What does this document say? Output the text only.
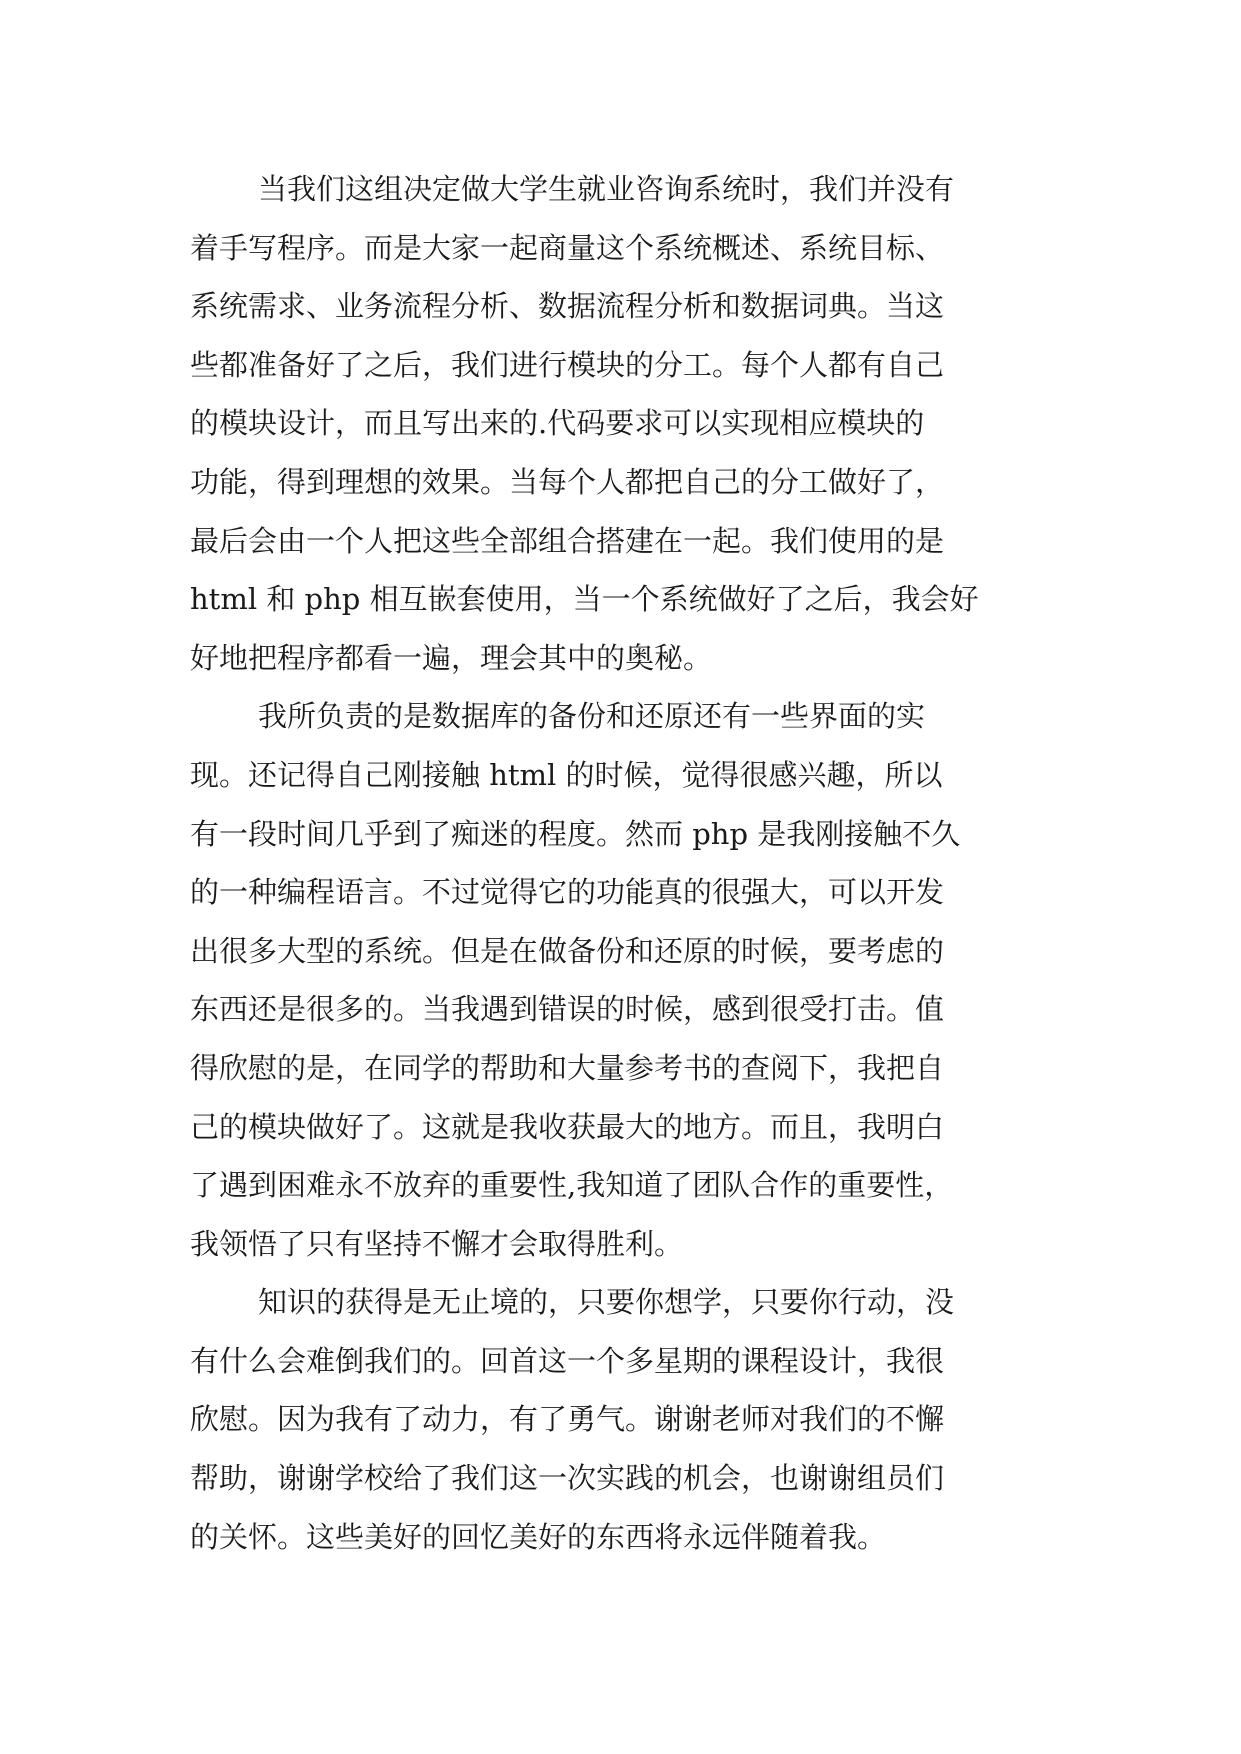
当我们这组决定做大学生就业咨询系统时，我们并没有
着手写程序。而是大家一起商量这个系统概述、系统目标、
系统需求、业务流程分析、数据流程分析和数据词典。当这
些都准备好了之后，我们进行模块的分工。每个人都有自己
的模块设计，而且写出来的.代码要求可以实现相应模块的
功能，得到理想的效果。当每个人都把自己的分工做好了，
最后会由一个人把这些全部组合搭建在一起。我们使用的是
html 和 php 相互嵌套使用，当一个系统做好了之后，我会好
好地把程序都看一遍，理会其中的奥秘。
我所负责的是数据库的备份和还原还有一些界面的实
现。还记得自己刚接触 html 的时候，觉得很感兴趣，所以
有一段时间几乎到了痴迷的程度。然而 php 是我刚接触不久
的一种编程语言。不过觉得它的功能真的很强大，可以开发
出很多大型的系统。但是在做备份和还原的时候，要考虑的
东西还是很多的。当我遇到错误的时候，感到很受打击。值
得欣慰的是，在同学的帮助和大量参考书的查阅下，我把自
己的模块做好了。这就是我收获最大的地方。而且，我明白
了遇到困难永不放弃的重要性,我知道了团队合作的重要性，
我领悟了只有坚持不懈才会取得胜利。
知识的获得是无止境的，只要你想学，只要你行动，没
有什么会难倒我们的。回首这一个多星期的课程设计，我很
欣慰。因为我有了动力，有了勇气。谢谢老师对我们的不懈
帮助，谢谢学校给了我们这一次实践的机会，也谢谢组员们
的关怀。这些美好的回忆美好的东西将永远伴随着我。
